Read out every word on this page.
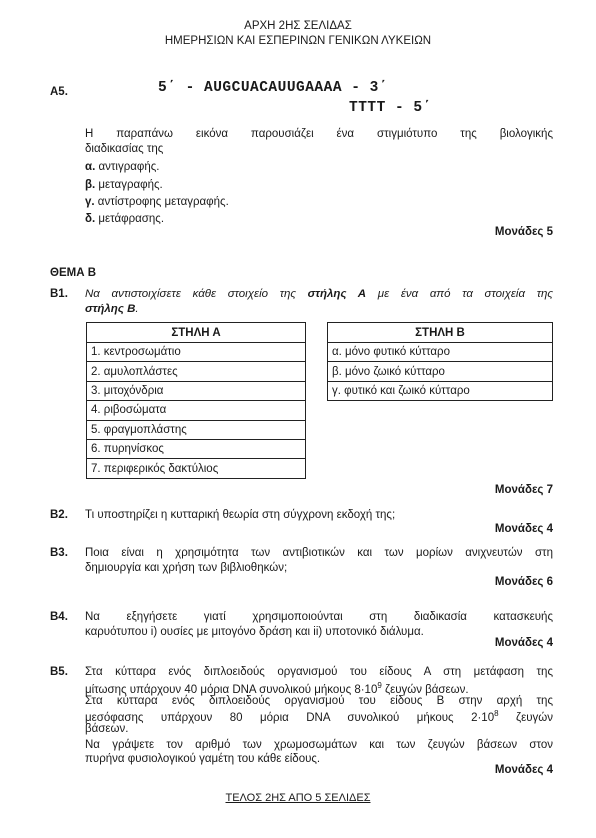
ΑΡΧΗ 2ΗΣ ΣΕΛΙΔΑΣ
ΗΜΕΡΗΣΙΩΝ ΚΑΙ ΕΣΠΕΡΙΝΩΝ ΓΕΝΙΚΩΝ ΛΥΚΕΙΩΝ
Α5.	5΄ - AUGCUACAUUGAAAA - 3΄
TTTT - 5΄
Η παραπάνω εικόνα παρουσιάζει ένα στιγμιότυπο της βιολογικής
διαδικασίας της
α. αντιγραφής.
β. μεταγραφής.
γ. αντίστροφης μεταγραφής.
δ. μετάφρασης.
Μονάδες 5
ΘΕΜΑ Β
Β1. Να αντιστοιχίσετε κάθε στοιχείο της στήλης Α με ένα από τα στοιχεία της
στήλης Β.
ΣΤΗΛΗ Α
1. κεντροσωμάτιο
2. αμυλοπλάστες
3. μιτοχόνδρια
4. ριβοσώματα
5. φραγμοπλάστης
6. πυρηνίσκος
7. περιφερικός δακτύλιος
ΣΤΗΛΗ Β
α. μόνο φυτικό κύτταρο
β. μόνο ζωικό κύτταρο
γ. φυτικό και ζωικό κύτταρο
Μονάδες 7
Β2. Τι υποστηρίζει η κυτταρική θεωρία στη σύγχρονη εκδοχή της;
Μονάδες 4
Β3. Ποια είναι η χρησιμότητα των αντιβιοτικών και των μορίων ανιχνευτών στη
δημιουργία και χρήση των βιβλιοθηκών;
Μονάδες 6
Β4. Να εξηγήσετε γιατί χρησιμοποιούνται στη διαδικασία κατασκευής
καρυότυπου i) ουσίες με μιτογόνο δράση και ii) υποτονικό διάλυμα.
Μονάδες 4
Β5. Στα κύτταρα ενός διπλοειδούς οργανισμού του είδους Α στη μετάφαση της
μίτωσης υπάρχουν 40 μόρια DNA συνολικού μήκους $8\cdot 10^9$ ζευγών βάσεων.
Στα κύτταρα ενός διπλοειδούς οργανισμού του είδους Β στην αρχή της
μεσόφασης υπάρχουν 80 μόρια DNA συνολικού μήκους $2\cdot 10^8$ ζευγών
βάσεων.
Να γράψετε τον αριθμό των χρωμοσωμάτων και των ζευγών βάσεων στον
πυρήνα φυσιολογικού γαμέτη του κάθε είδους.
Μονάδες 4
ΤΕΛΟΣ 2ΗΣ ΑΠΟ 5 ΣΕΛΙΔΕΣ
